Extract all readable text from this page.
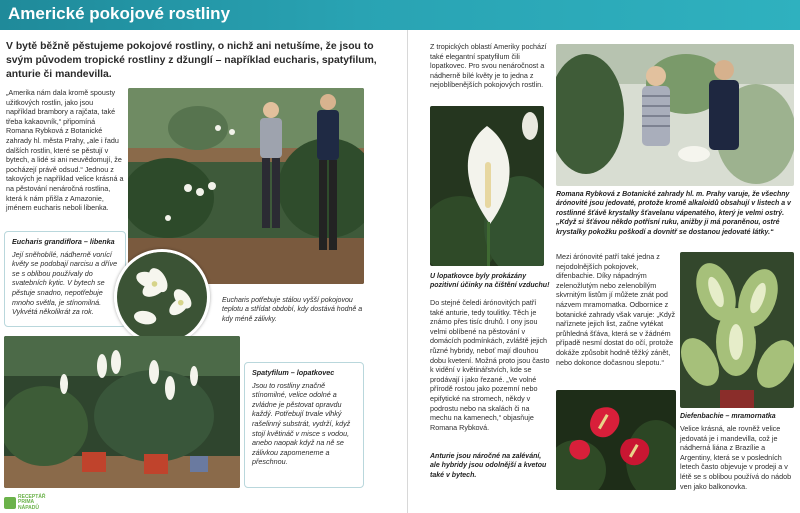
Americké pokojové rostliny
V bytě běžně pěstujeme pokojové rostliny, o nichž ani netušíme, že jsou to svým původem tropické rostliny z džunglí – například eucharis, spatyfilum, anturie či mandevilla.

„Amerika nám dala kromě spousty užitkových rostlin, jako jsou například brambory a rajčata, také třeba kakaovník,“ připomíná Romana Rybková z Botanické zahrady hl. města Prahy, „ale i řadu dalších rostlin, které se pěstují v bytech, a lidé si ani neuvědomují, že pocházejí právě odsud.“ Jednou z takových je například velice krásná a na pěstování nenáročná rostlina, která k nám přišla z Amazonie, jménem eucharis neboli libenka.

Eucharis grandiflora – libenka
Její sněhobílé, nádherně vonící květy se podobají narcisu a dříve se s oblibou používaly do svatebních kytic. V bytech se pěstuje snadno, nepotřebuje mnoho světla, je stínomilná. Vykvétá několikrát za rok.
Eucharis potřebuje stálou vyšší pokojovou teplotu a střídat období, kdy dostává hodně a kdy méně zálivky.
Spatyfilum – lopatkovec
Jsou to rostliny značně stínomilné, velice odolné a zvládne je pěstovat opravdu každý. Potřebují trvale vlhký rašelinný substrát, vydrží, když stojí květináč v misce s vodou, anebo naopak když na ně se zálivkou zapomeneme a přeschnou.
RECEPTÁŘ
PRIMA
NÁPADŮ

Z tropických oblastí Ameriky pochází také elegantní spatyfilum čili lopatkovec. Pro svou nenáročnost a nádherně bílé květy je to jedna z nejoblíbenějších pokojových rostlin.

U lopatkovce byly prokázány pozitivní účinky na čištění vzduchu!

Do stejné čeledi árónovitých patří také anturie, tedy toulitky. Těch je známo přes tisíc druhů. I ony jsou velmi oblíbené na pěstování v domácích podmínkách, zvláště jejich různé hybridy, neboť mají dlouhou dobu kvetení. Možná proto jsou často k vidění v květinářstvích, kde se prodávají i jako řezané. „Ve volné přírodě rostou jako pozemní nebo epifytické na stromech, někdy v podrostu nebo na skalách či na mechu na kamenech,“ objasňuje Romana Rybková.

Anturie jsou náročné na zalévání, ale hybridy jsou odolnější a kvetou také v bytech.
Romana Rybková z Botanické zahrady hl. m. Prahy varuje, že všechny árónovité jsou jedovaté, protože kromě alkaloidů obsahují v listech a v rostlinné šťávě krystalky šťavelanu vápenatého, který je velmi ostrý. „Když si šťávou někdo potřísní ruku, anižby ji má poraněnou, ostré krystalky pokožku poškodí a dovnitř se dostanou jedovaté látky.“

Mezi árónovité patří také jedna z nejodolnějších pokojovek, difenbachie. Díky nápadným zelenožlutým nebo zelenobílým skvrnitým listům jí můžete znát pod názvem mramornatka. Odbornice z botanické zahrady však varuje: „Když naříznete jejich list, začne vytékat průhledná šťáva, která se v žádném případě nesmí dostat do očí, protože dokáže způsobit hodně těžký zánět, nebo dokonce dočasnou slepotu.“

Diefenbachie – mramornatka

Velice krásná, ale rovněž velice jedovatá je i mandevilla, což je nádherná liána z Brazílie a Argentiny, která se v posledních letech často objevuje v prodeji a v létě se s oblibou používá do nádob ven jako balkonovka.
